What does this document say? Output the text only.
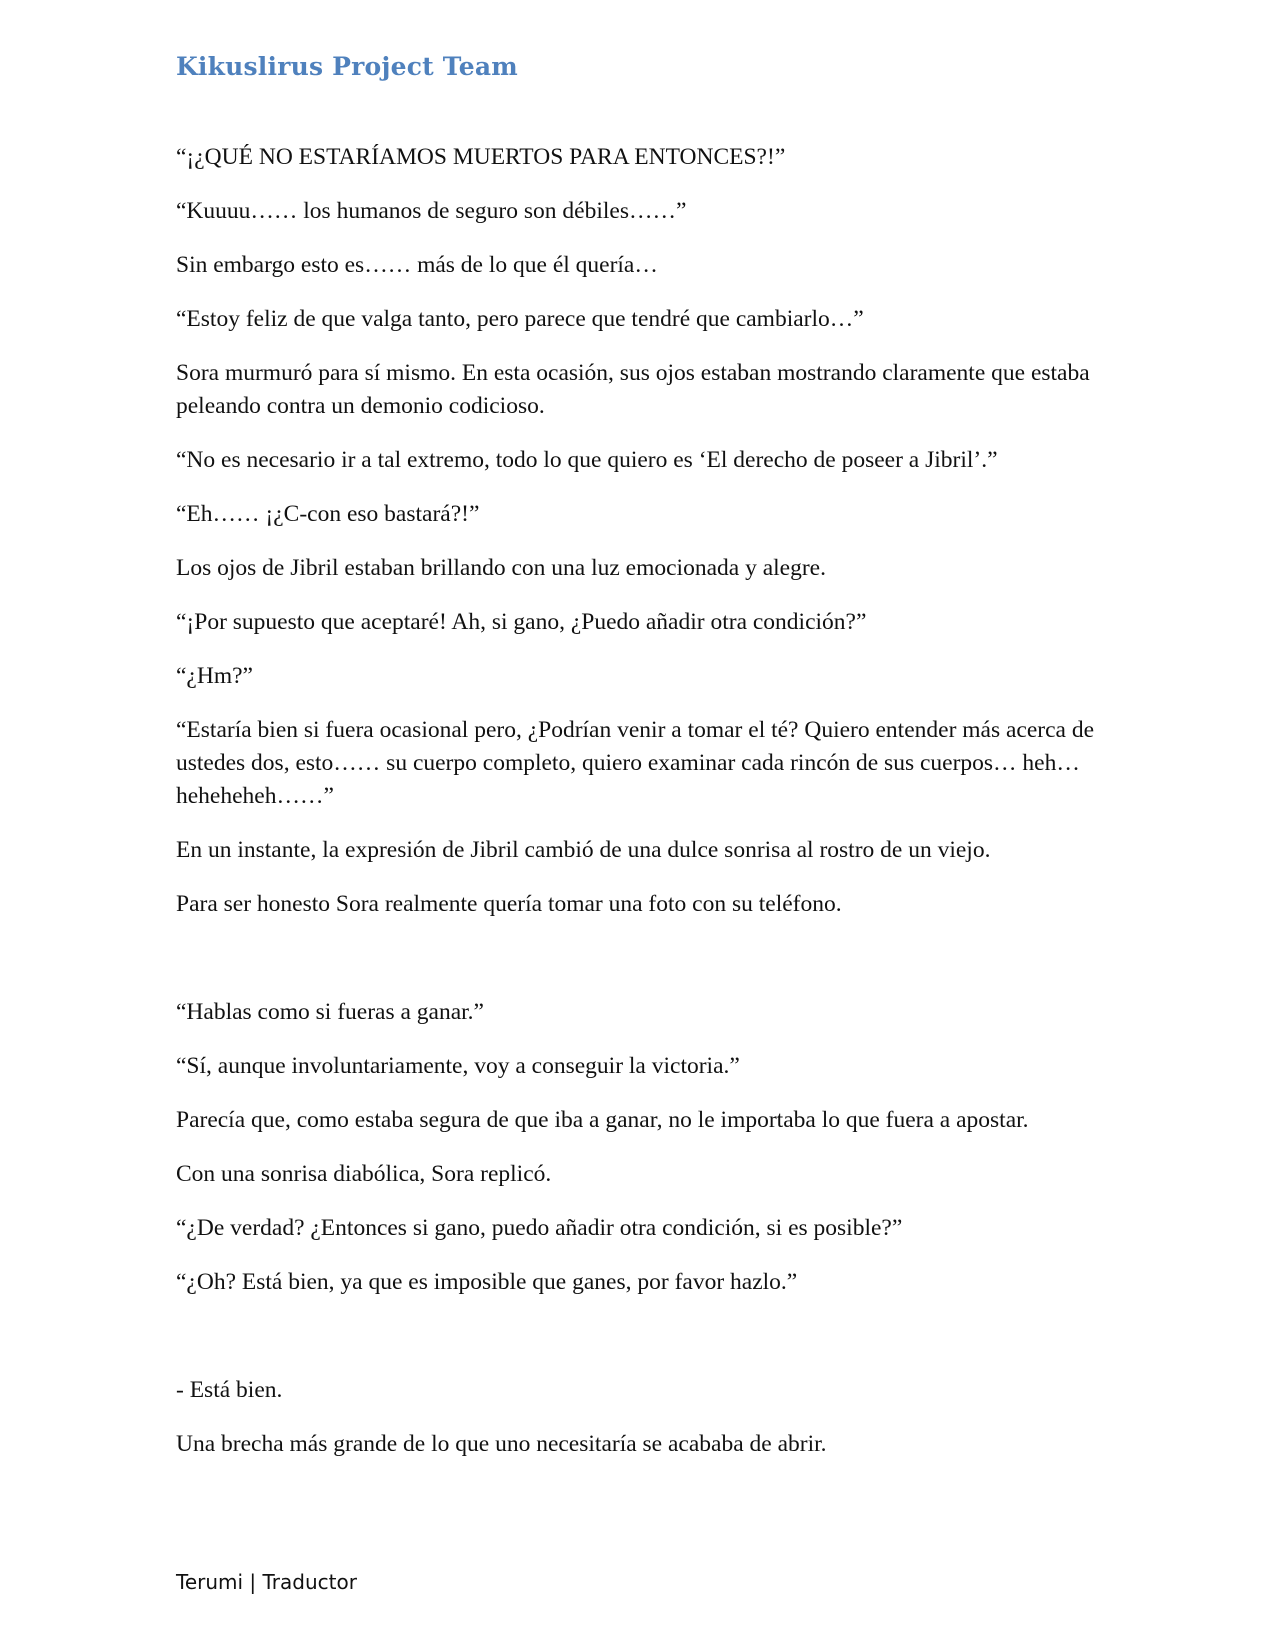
Kikuslirus Project Team

“¡¿QUÉ NO ESTARÍAMOS MUERTOS PARA ENTONCES?!”

“Kuuuu…… los humanos de seguro son débiles……”

Sin embargo esto es…… más de lo que él quería…

“Estoy feliz de que valga tanto, pero parece que tendré que cambiarlo…”

Sora murmuró para sí mismo. En esta ocasión, sus ojos estaban mostrando claramente que estaba peleando contra un demonio codicioso.

“No es necesario ir a tal extremo, todo lo que quiero es ‘El derecho de poseer a Jibril’.”

“Eh…… ¡¿C-con eso bastará?!”

Los ojos de Jibril estaban brillando con una luz emocionada y alegre.

“¡Por supuesto que aceptaré! Ah, si gano, ¿Puedo añadir otra condición?”

“¿Hm?”

“Estaría bien si fuera ocasional pero, ¿Podrían venir a tomar el té? Quiero entender más acerca de ustedes dos, esto…… su cuerpo completo, quiero examinar cada rincón de sus cuerpos… heh… heheheheh……”

En un instante, la expresión de Jibril cambió de una dulce sonrisa al rostro de un viejo.

Para ser honesto Sora realmente quería tomar una foto con su teléfono.

“Hablas como si fueras a ganar.”

“Sí, aunque involuntariamente, voy a conseguir la victoria.”

Parecía que, como estaba segura de que iba a ganar, no le importaba lo que fuera a apostar.

Con una sonrisa diabólica, Sora replicó.

“¿De verdad? ¿Entonces si gano, puedo añadir otra condición, si es posible?”

“¿Oh? Está bien, ya que es imposible que ganes, por favor hazlo.”

- Está bien.

Una brecha más grande de lo que uno necesitaría se acababa de abrir.

Terumi | Traductor
